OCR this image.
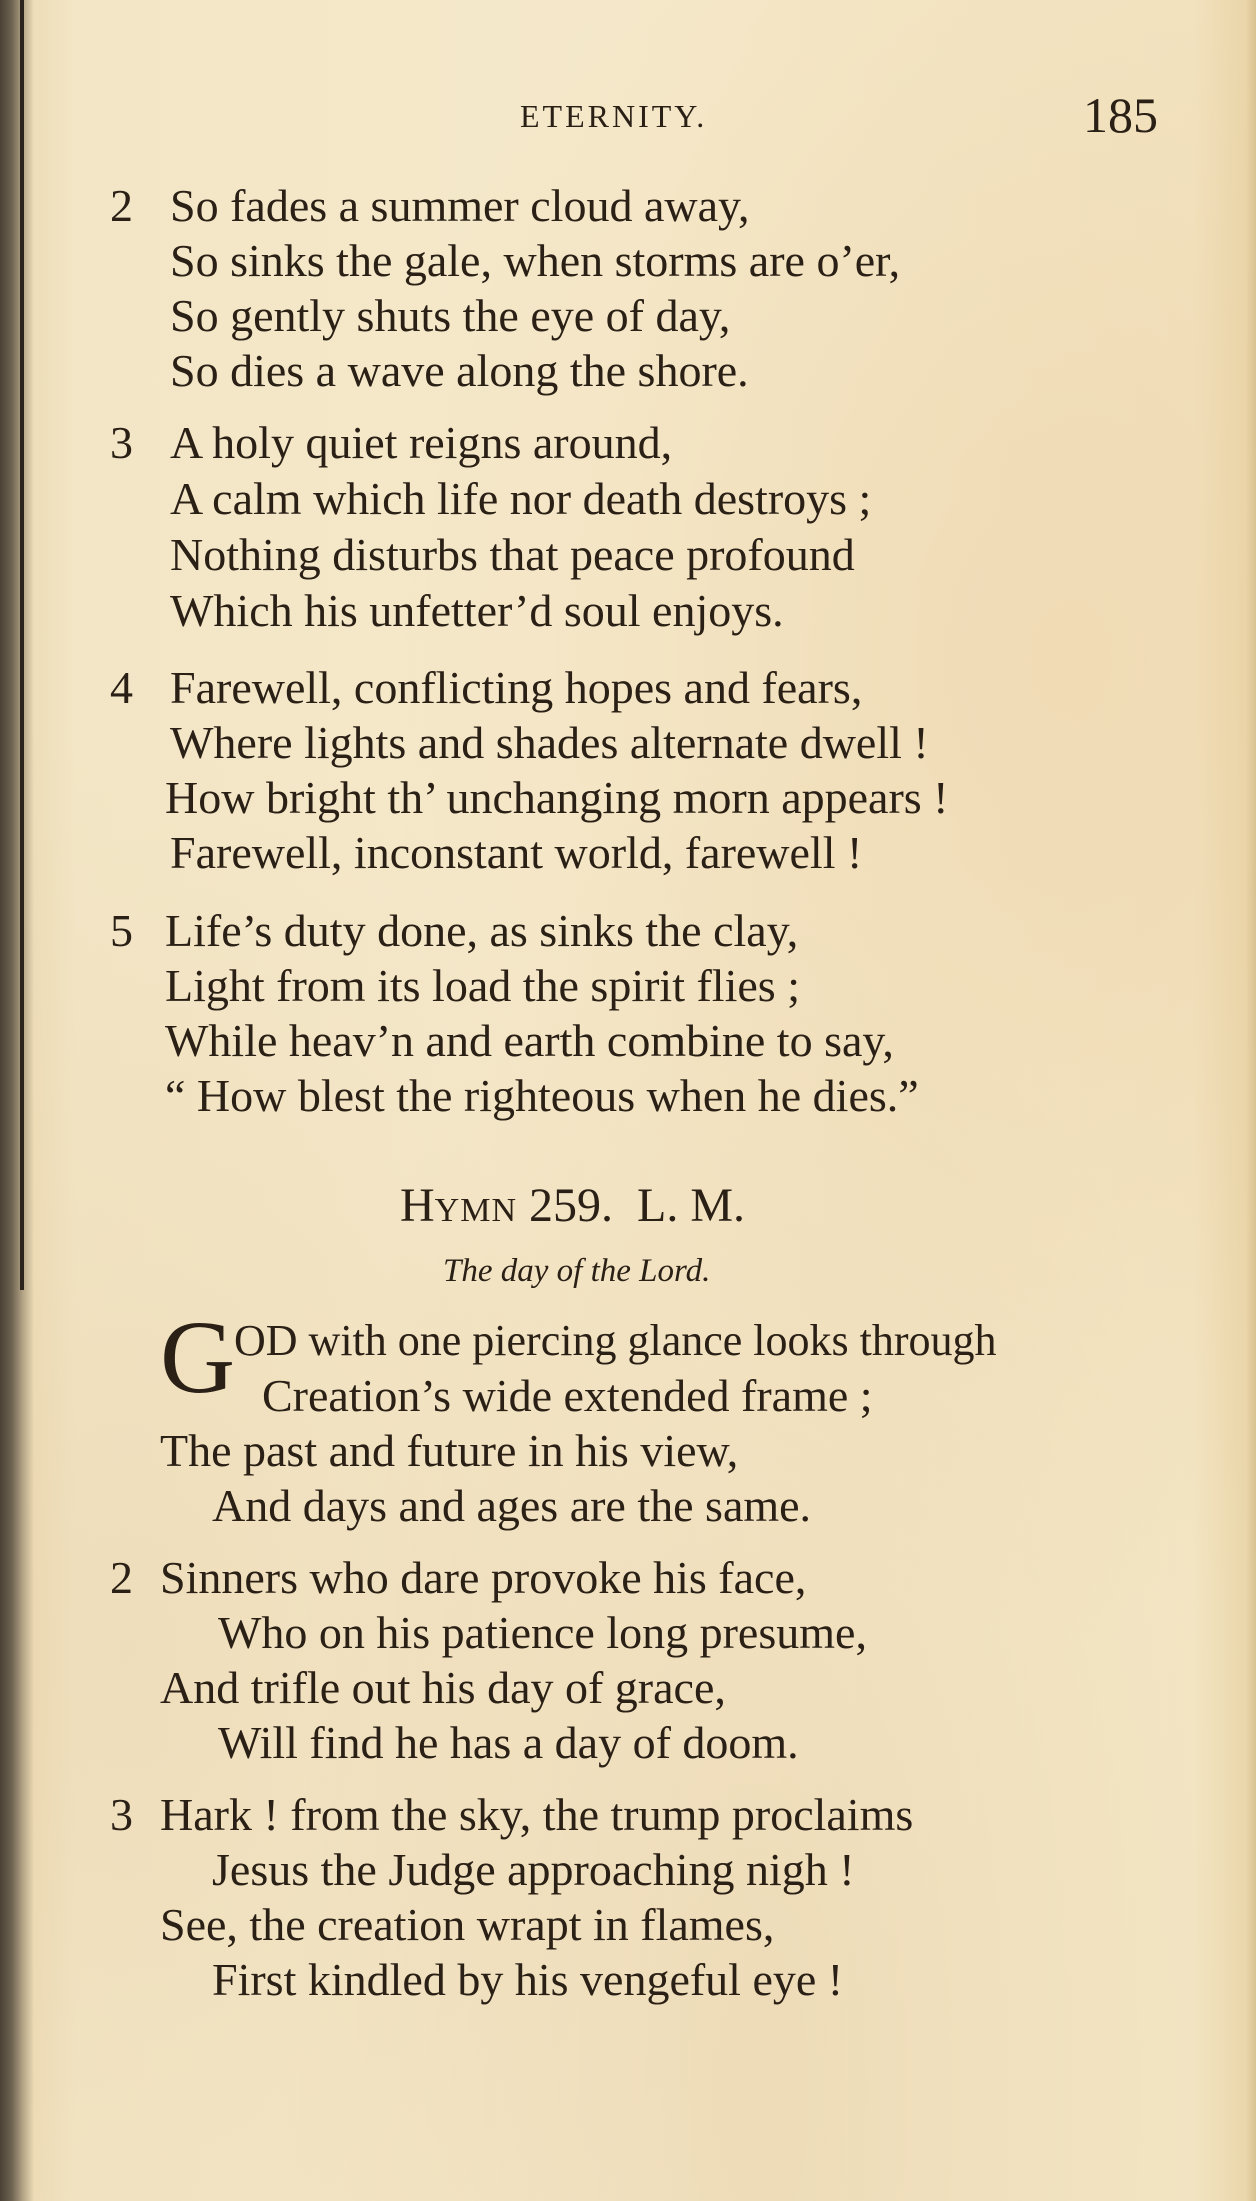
ETERNITY.	185
2 So fades a summer cloud away,
So sinks the gale, when storms are o’er,
So gently shuts the eye of day,
So dies a wave along the shore.
3 A holy quiet reigns around,
A calm which life nor death destroys ;
Nothing disturbs that peace profound
Which his unfetter’d soul enjoys.
4 Farewell, conflicting hopes and fears,
Where lights and shades alternate dwell !
How bright th’ unchanging morn appears !
Farewell, inconstant world, farewell !
5 Life’s duty done, as sinks the clay,
Light from its load the spirit flies ;
While heav’n and earth combine to say,
“ How blest the righteous when he dies.”
HYMN 259. L. M.
The day of the Lord.
G
OD with one piercing glance looks through
Creation’s wide extended frame ;
The past and future in his view,
And days and ages are the same.
2 Sinners who dare provoke his face,
Who on his patience long presume,
And trifle out his day of grace,
Will find he has a day of doom.
3 Hark ! from the sky, the trump proclaims
Jesus the Judge approaching nigh !
See, the creation wrapt in flames,
First kindled by his vengeful eye !
